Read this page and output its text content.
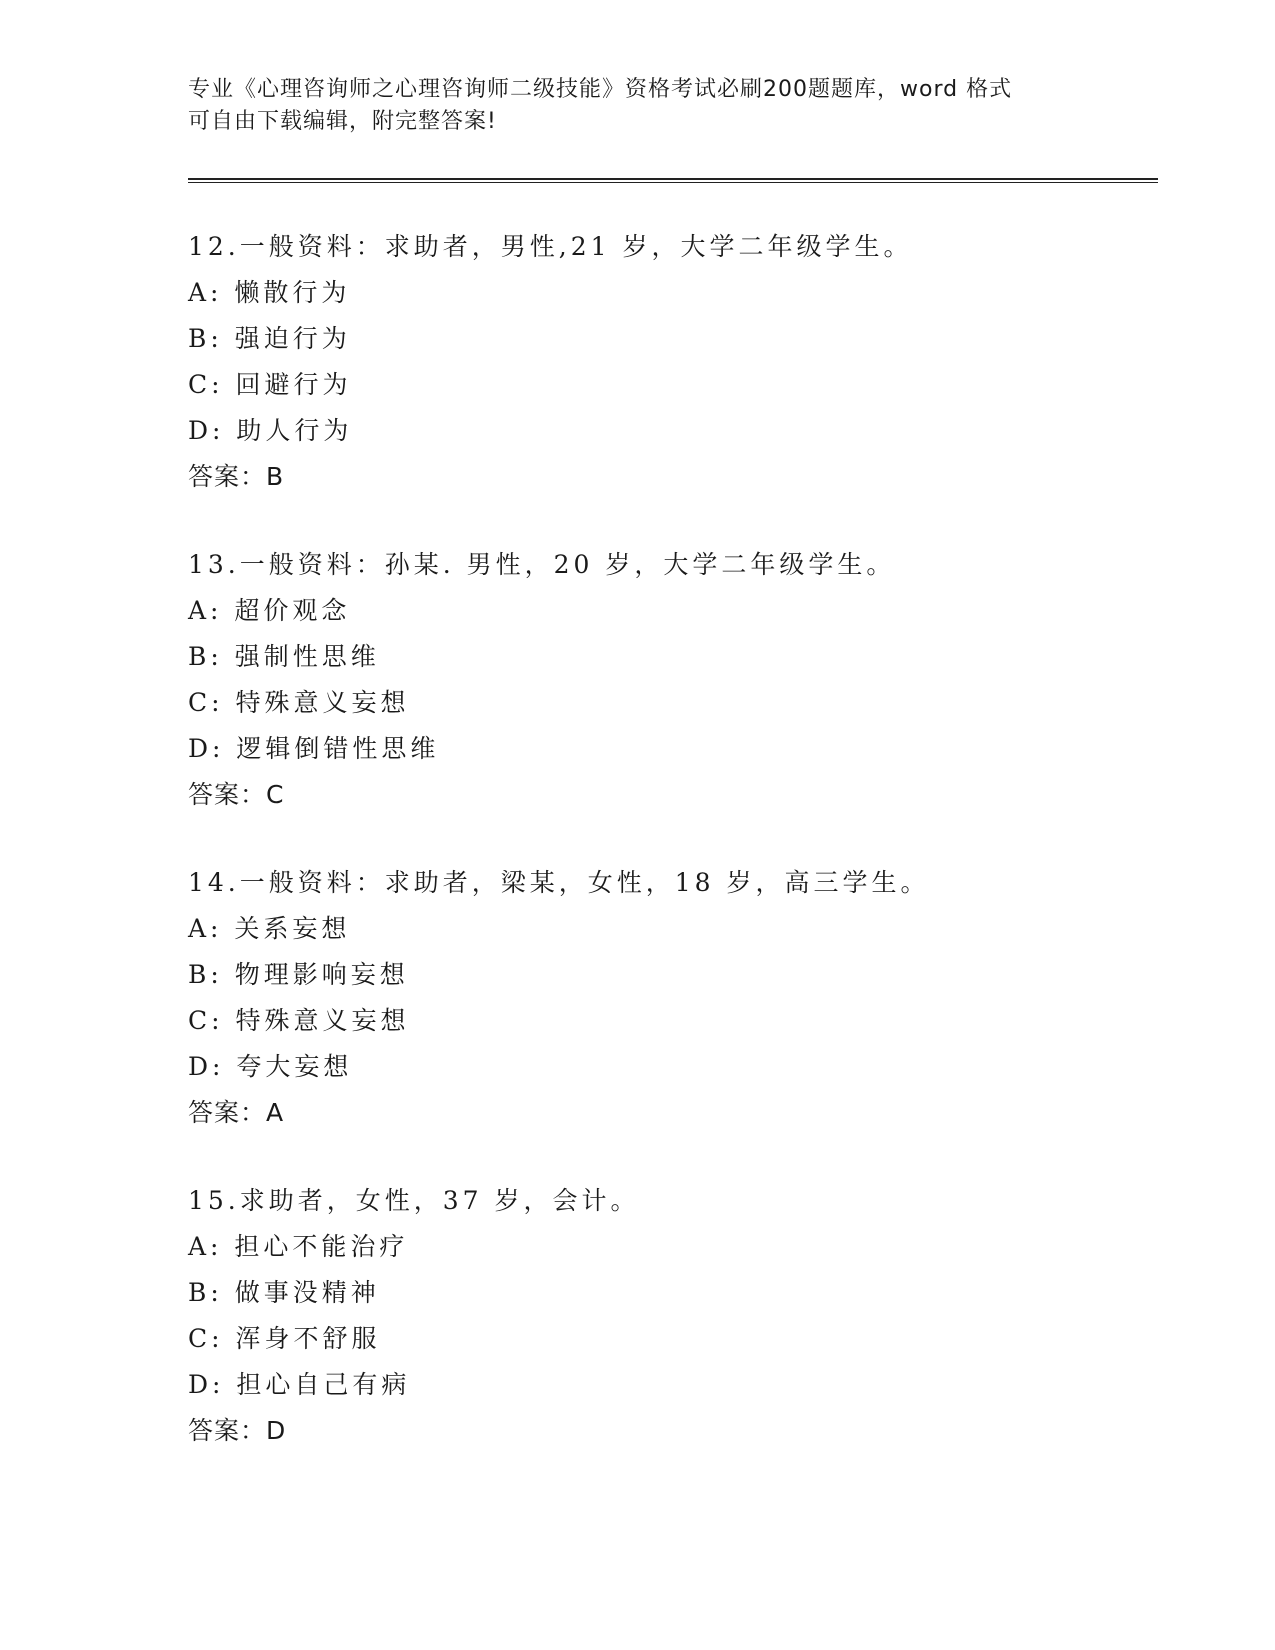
专业《心理咨询师之心理咨询师二级技能》资格考试必刷200题题库，word 格式
可自由下载编辑，附完整答案!
12.一般资料：求助者，男性,21 岁，大学二年级学生。
A: 懒散行为
B: 强迫行为
C: 回避行为
D: 助人行为
答案：B
13.一般资料：孙某. 男性，20 岁，大学二年级学生。
A: 超价观念
B: 强制性思维
C: 特殊意义妄想
D: 逻辑倒错性思维
答案：C
14.一般资料：求助者，梁某，女性，18 岁，高三学生。
A: 关系妄想
B: 物理影响妄想
C: 特殊意义妄想
D: 夸大妄想
答案：A
15.求助者，女性，37 岁，会计。
A: 担心不能治疗
B: 做事没精神
C: 浑身不舒服
D: 担心自己有病
答案：D
